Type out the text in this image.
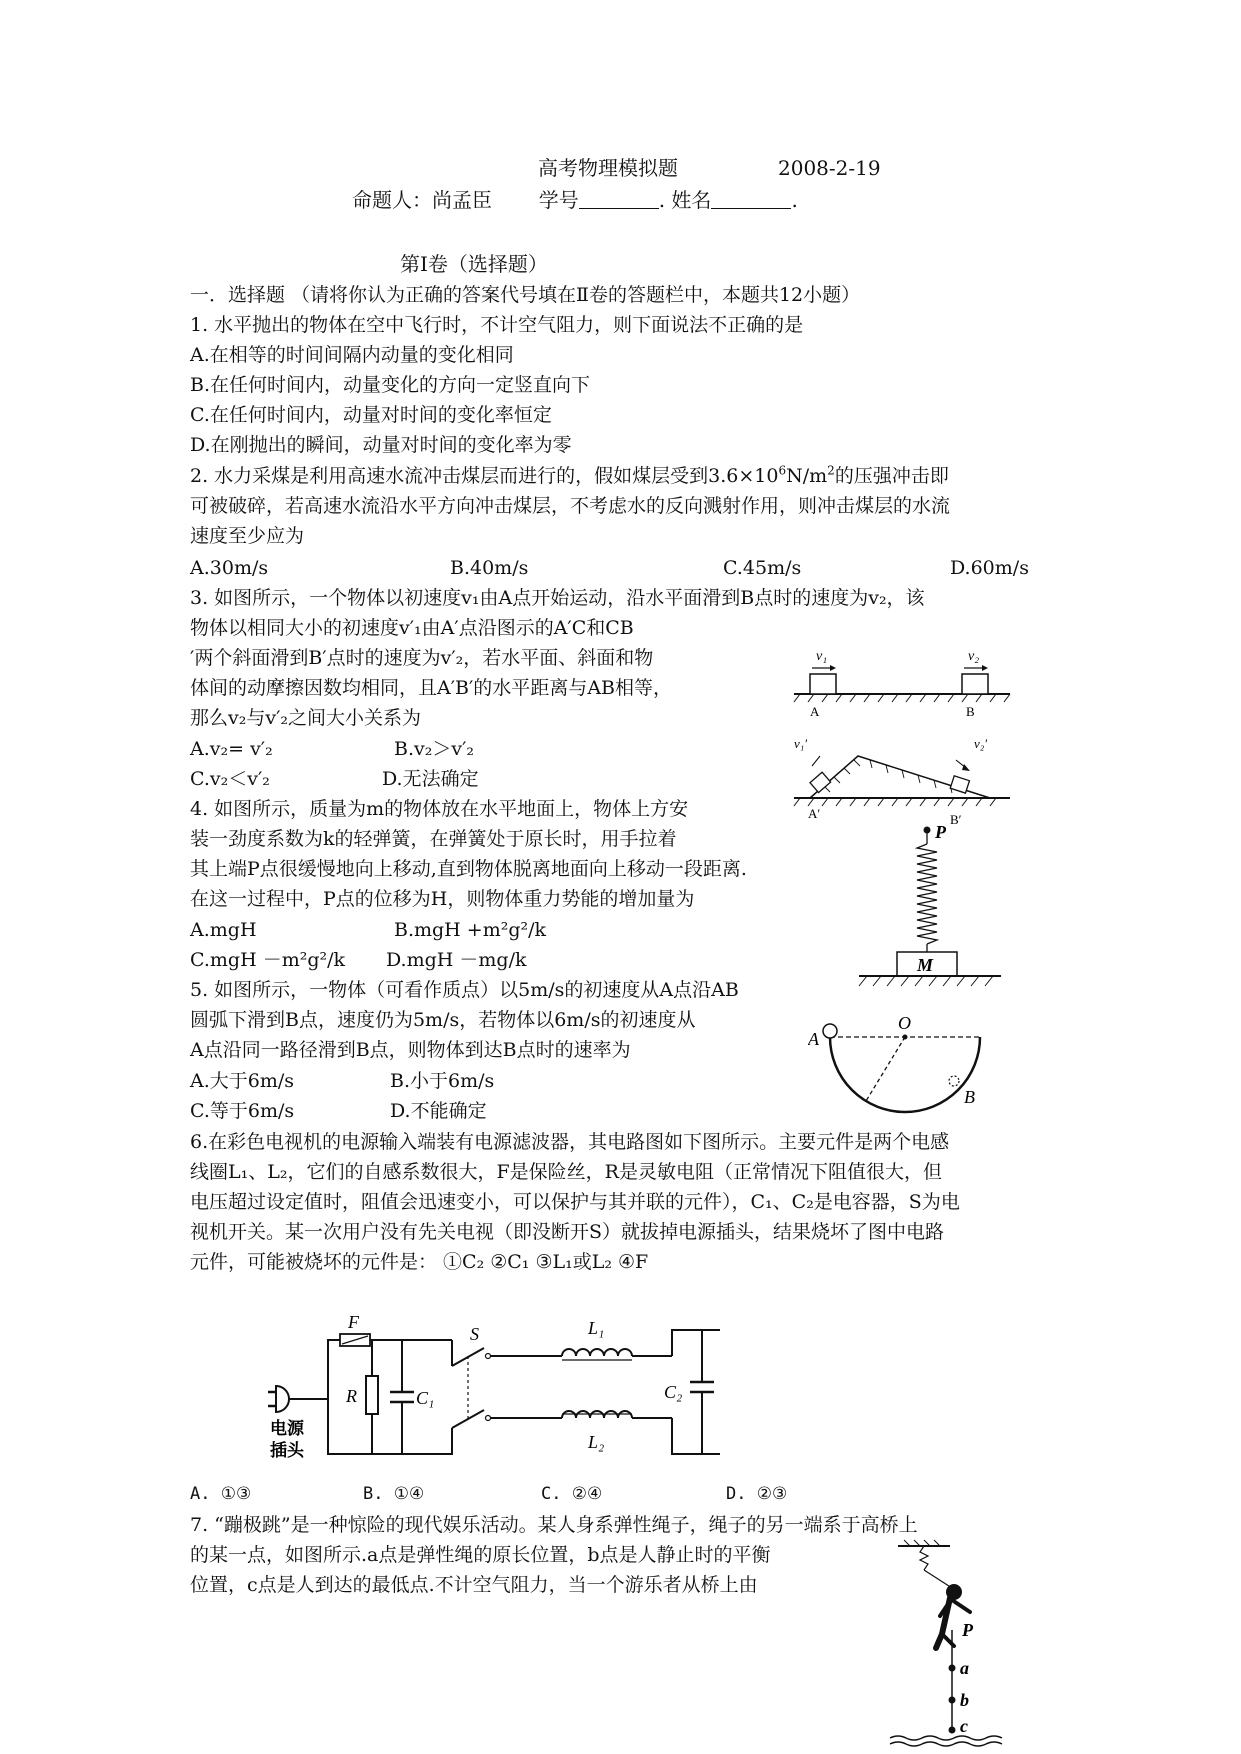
高考物理模拟题	2008-2-19
命题人：尚孟臣 学号	. 姓名	.
第Ⅰ卷（选择题）
一．选择题 （请将你认为正确的答案代号填在Ⅱ卷的答题栏中，本题共12小题）
1. 水平抛出的物体在空中飞行时，不计空气阻力，则下面说法不正确的是
A.在相等的时间间隔内动量的变化相同
B.在任何时间内，动量变化的方向一定竖直向下
C.在任何时间内，动量对时间的变化率恒定
D.在刚抛出的瞬间，动量对时间的变化率为零
2. 水力采煤是利用高速水流冲击煤层而进行的，假如煤层受到$3.6\times 10^6N/m^2$的压强冲击即
可被破碎，若高速水流沿水平方向冲击煤层，不考虑水的反向溅射作用，则冲击煤层的水流
速度至少应为
A.30m/s	B.40m/s	C.45m/s	D.60m/s
3. 如图所示，一个物体以初速度v₁由A点开始运动，沿水平面滑到B点时的速度为v₂，该
物体以相同大小的初速度v′₁由A′点沿图示的A′C和CB
′两个斜面滑到B′点时的速度为v′₂，若水平面、斜面和物
体间的动摩擦因数均相同，且A′B′的水平距离与AB相等，
那么v₂与v′₂之间大小关系为
A.v₂= v′₂	B.v₂＞v′₂
C.v₂＜v′₂	D.无法确定
v₁	v₂
A	B
v₁′	v₂′
A′	B′
4. 如图所示，质量为m的物体放在水平地面上，物体上方安
装一劲度系数为k的轻弹簧，在弹簧处于原长时，用手拉着
其上端P点很缓慢地向上移动,直到物体脱离地面向上移动一段距离.
在这一过程中，P点的位移为H，则物体重力势能的增加量为
A.mgH	B.mgH +m²g²/k
C.mgH －m²g²/k D.mgH －mg/k
P
M
5. 如图所示，一物体（可看作质点）以5m/s的初速度从A点沿AB
圆弧下滑到B点，速度仍为5m/s，若物体以6m/s的初速度从
A点沿同一路径滑到B点，则物体到达B点时的速率为
A.大于6m/s	B.小于6m/s
C.等于6m/s	D.不能确定
O
A
B
6.在彩色电视机的电源输入端装有电源滤波器，其电路图如下图所示。主要元件是两个电感
线圈L₁、L₂，它们的自感系数很大，F是保险丝，R是灵敏电阻（正常情况下阻值很大，但
电压超过设定值时，阻值会迅速变小，可以保护与其并联的元件），C₁、C₂是电容器，S为电
视机开关。某一次用户没有先关电视（即没断开S）就拔掉电源插头，结果烧坏了图中电路
元件，可能被烧坏的元件是： ①C₂ ②C₁ ③L₁或L₂ ④F
电源
插头
F
R	C₁
S	L₁
L₂
C₂
A. ①③	B. ①④	C. ②④	D. ②③
7. “蹦极跳”是一种惊险的现代娱乐活动。某人身系弹性绳子，绳子的另一端系于高桥上
的某一点，如图所示.a点是弹性绳的原长位置，b点是人静止时的平衡
位置，c点是人到达的最低点.不计空气阻力，当一个游乐者从桥上由
P
a
b
c
